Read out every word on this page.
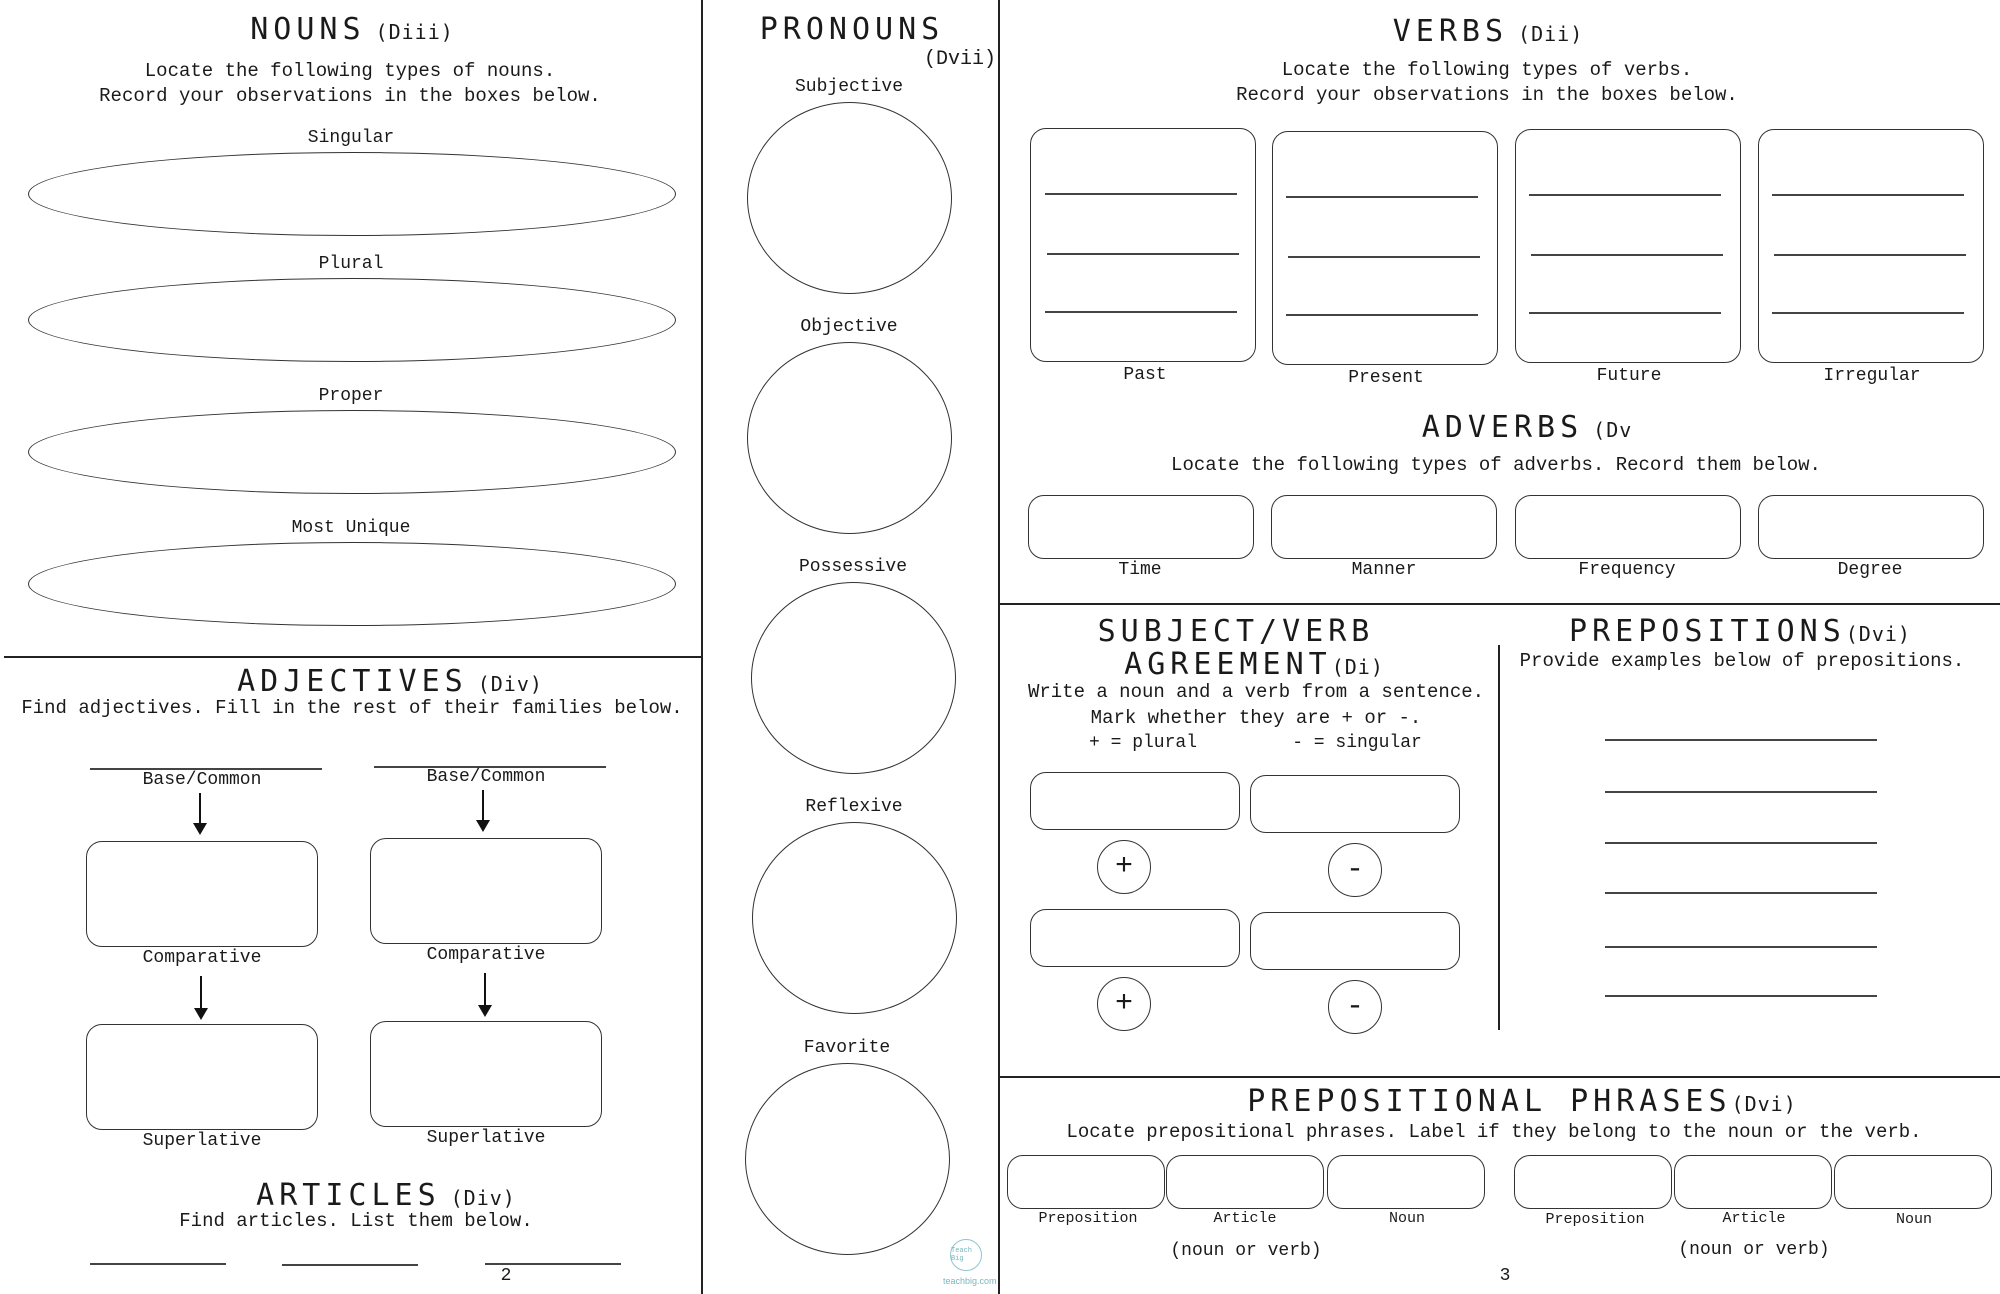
NOUNS (Diii)
Locate the following types of nouns.
Record your observations in the boxes below.
Singular
Plural
Proper
Most Unique
ADJECTIVES (Div)
Find adjectives. Fill in the rest of their families below.
Base/Common
Comparative
Superlative
Base/Common
Comparative
Superlative
ARTICLES (Div)
Find articles. List them below.
2
PRONOUNS
(Dvii)
Subjective
Objective
Possessive
Reflexive
Favorite
Teach Big
teachbig.com
VERBS (Dii)
Locate the following types of verbs.
Record your observations in the boxes below.
Past	Present	Future	Irregular
ADVERBS (Dv
Locate the following types of adverbs. Record them below.
Time	Manner	Frequency	Degree
SUBJECT/VERB
AGREEMENT(Di)
Write a noun and a verb from a sentence.
Mark whether they are + or -.
+ = plural	- = singular
+	-
+	-
PREPOSITIONS(Dvi)
Provide examples below of prepositions.
PREPOSITIONAL PHRASES(Dvi)
Locate prepositional phrases. Label if they belong to the noun or the verb.
Preposition	Article	Noun
(noun or verb)
Preposition	Article	Noun
(noun or verb)
3
